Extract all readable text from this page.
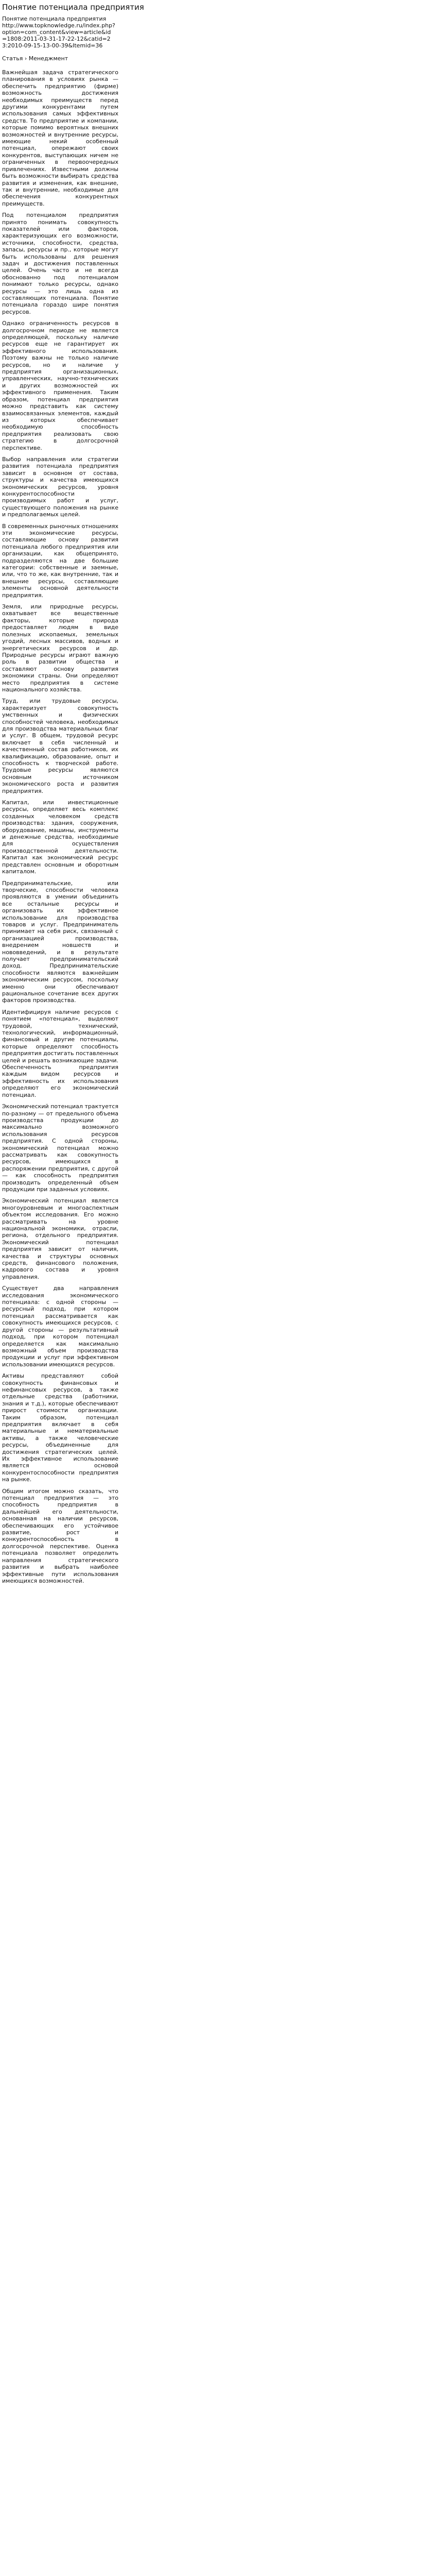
Понятие потенциала предприятия
Понятие потенциала предприятия
http://www.topknowledge.ru/index.php?option=com_content&view=article&id=1808:2011-03-31-17-22-12&catid=23:2010-09-15-13-00-39&Itemid=36
Статья › Менеджмент

Важнейшая задача стратегического планирования в условиях рынка — обеспечить предприятию (фирме) возможность достижения необходимых преимуществ перед другими конкурентами путем использования самых эффективных средств. То предприятие и компании, которые помимо вероятных внешних возможностей и внутренние ресурсы, имеющие некий особенный потенциал, опережают своих конкурентов, выступающих ничем не ограниченных в первоочередных привлечениях. Известными должны быть возможности выбирать средства развития и изменения, как внешние, так и внутренние, необходимые для обеспечения конкурентных преимуществ.

Под потенциалом предприятия принято понимать совокупность показателей или факторов, характеризующих его возможности, источники, способности, средства, запасы, ресурсы и пр., которые могут быть использованы для решения задач и достижения поставленных целей. Очень часто и не всегда обоснованно под потенциалом понимают только ресурсы, однако ресурсы — это лишь одна из составляющих потенциала. Понятие потенциала гораздо шире понятия ресурсов.

Однако ограниченность ресурсов в долгосрочном периоде не является определяющей, поскольку наличие ресурсов еще не гарантирует их эффективного использования. Поэтому важны не только наличие ресурсов, но и наличие у предприятия организационных, управленческих, научно-технических и других возможностей их эффективного применения. Таким образом, потенциал предприятия можно представить как систему взаимосвязанных элементов, каждый из которых обеспечивает необходимую способность предприятия реализовать свою стратегию в долгосрочной перспективе.

Выбор направления или стратегии развития потенциала предприятия зависит в основном от состава, структуры и качества имеющихся экономических ресурсов, уровня конкурентоспособности производимых работ и услуг, существующего положения на рынке и предполагаемых целей.

В современных рыночных отношениях эти экономические ресурсы, составляющие основу развития потенциала любого предприятия или организации, как общепринято, подразделяются на две большие категории: собственные и заемные, или, что то же, как внутренние, так и внешние ресурсы, составляющие элементы основной деятельности предприятия.

Земля, или природные ресурсы, охватывает все вещественные факторы, которые природа предоставляет людям в виде полезных ископаемых, земельных угодий, лесных массивов, водных и энергетических ресурсов и др. Природные ресурсы играют важную роль в развитии общества и составляют основу развития экономики страны. Они определяют место предприятия в системе национального хозяйства.

Труд, или трудовые ресурсы, характеризует совокупность умственных и физических способностей человека, необходимых для производства материальных благ и услуг. В общем, трудовой ресурс включает в себя численный и качественный состав работников, их квалификацию, образование, опыт и способность к творческой работе. Трудовые ресурсы являются основным источником экономического роста и развития предприятия.

Капитал, или инвестиционные ресурсы, определяет весь комплекс созданных человеком средств производства: здания, сооружения, оборудование, машины, инструменты и денежные средства, необходимые для осуществления производственной деятельности. Капитал как экономический ресурс представлен основным и оборотным капиталом.

Предпринимательские, или творческие, способности человека проявляются в умении объединить все остальные ресурсы и организовать их эффективное использование для производства товаров и услуг. Предприниматель принимает на себя риск, связанный с организацией производства, внедрением новшеств и нововведений, и в результате получает предпринимательский доход. Предпринимательские способности являются важнейшим экономическим ресурсом, поскольку именно они обеспечивают рациональное сочетание всех других факторов производства.

Идентифицируя наличие ресурсов с понятием «потенциал», выделяют трудовой, технический, технологический, информационный, финансовый и другие потенциалы, которые определяют способность предприятия достигать поставленных целей и решать возникающие задачи. Обеспеченность предприятия каждым видом ресурсов и эффективность их использования определяют его экономический потенциал.

Экономический потенциал трактуется по-разному — от предельного объема производства продукции до максимально возможного использования ресурсов предприятия. С одной стороны, экономический потенциал можно рассматривать как совокупность ресурсов, имеющихся в распоряжении предприятия, с другой — как способность предприятия производить определенный объем продукции при заданных условиях.

Экономический потенциал является многоуровневым и многоаспектным объектом исследования. Его можно рассматривать на уровне национальной экономики, отрасли, региона, отдельного предприятия. Экономический потенциал предприятия зависит от наличия, качества и структуры основных средств, финансового положения, кадрового состава и уровня управления.

Существует два направления исследования экономического потенциала: с одной стороны — ресурсный подход, при котором потенциал рассматривается как совокупность имеющихся ресурсов, с другой стороны — результативный подход, при котором потенциал определяется как максимально возможный объем производства продукции и услуг при эффективном использовании имеющихся ресурсов.

Активы представляют собой совокупность финансовых и нефинансовых ресурсов, а также отдельные средства (работники, знания и т.д.), которые обеспечивают прирост стоимости организации. Таким образом, потенциал предприятия включает в себя материальные и нематериальные активы, а также человеческие ресурсы, объединенные для достижения стратегических целей. Их эффективное использование является основой конкурентоспособности предприятия на рынке.

Общим итогом можно сказать, что потенциал предприятия — это способность предприятия в дальнейшей его деятельности, основанная на наличии ресурсов, обеспечивающих его устойчивое развитие, рост и конкурентоспособность в долгосрочной перспективе. Оценка потенциала позволяет определить направления стратегического развития и выбрать наиболее эффективные пути использования имеющихся возможностей.
